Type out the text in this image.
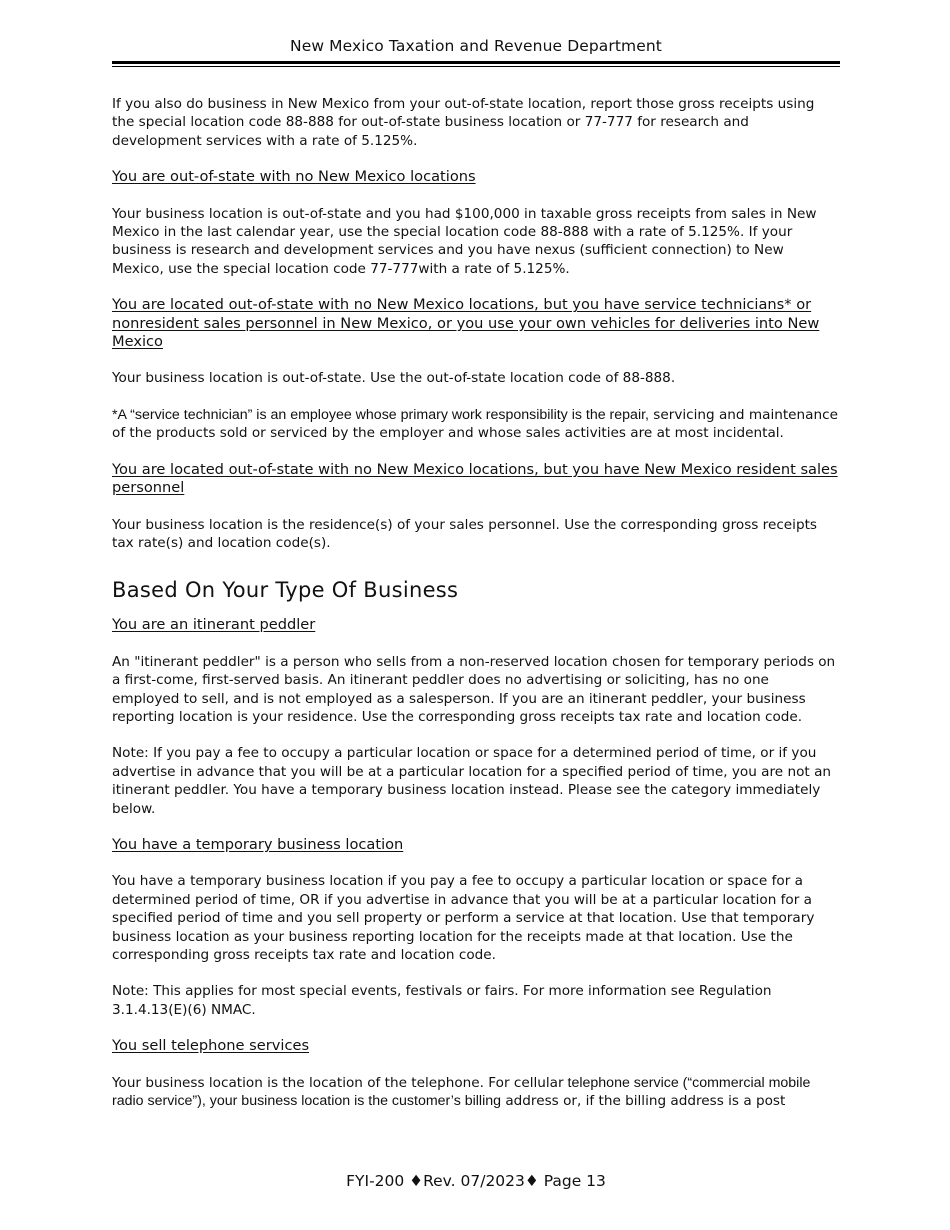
New Mexico Taxation and Revenue Department

If you also do business in New Mexico from your out-of-state location, report those gross receipts using the special location code 88-888 for out-of-state business location or 77-777 for research and development services with a rate of 5.125%.

You are out-of-state with no New Mexico locations

Your business location is out-of-state and you had $100,000 in taxable gross receipts from sales in New Mexico in the last calendar year, use the special location code 88-888 with a rate of 5.125%. If your business is research and development services and you have nexus (sufficient connection) to New Mexico, use the special location code 77-777with a rate of 5.125%.

You are located out-of-state with no New Mexico locations, but you have service technicians* or nonresident sales personnel in New Mexico, or you use your own vehicles for deliveries into New Mexico

Your business location is out-of-state. Use the out-of-state location code of 88-888.

*A “service technician” is an employee whose primary work responsibility is the repair, servicing and maintenance of the products sold or serviced by the employer and whose sales activities are at most incidental.

You are located out-of-state with no New Mexico locations, but you have New Mexico resident sales personnel

Your business location is the residence(s) of your sales personnel. Use the corresponding gross receipts tax rate(s) and location code(s).

Based On Your Type Of Business
You are an itinerant peddler

An "itinerant peddler" is a person who sells from a non-reserved location chosen for temporary periods on a first-come, first-served basis. An itinerant peddler does no advertising or soliciting, has no one employed to sell, and is not employed as a salesperson. If you are an itinerant peddler, your business reporting location is your residence. Use the corresponding gross receipts tax rate and location code.

Note: If you pay a fee to occupy a particular location or space for a determined period of time, or if you advertise in advance that you will be at a particular location for a specified period of time, you are not an itinerant peddler. You have a temporary business location instead. Please see the category immediately below.

You have a temporary business location

You have a temporary business location if you pay a fee to occupy a particular location or space for a determined period of time, OR if you advertise in advance that you will be at a particular location for a specified period of time and you sell property or perform a service at that location. Use that temporary business location as your business reporting location for the receipts made at that location. Use the corresponding gross receipts tax rate and location code.

Note: This applies for most special events, festivals or fairs. For more information see Regulation 3.1.4.13(E)(6) NMAC.

You sell telephone services

Your business location is the location of the telephone. For cellular telephone service (“commercial mobile radio service”), your business location is the customer’s billing address or, if the billing address is a post

FYI-200 ♦Rev. 07/2023♦ Page 13
